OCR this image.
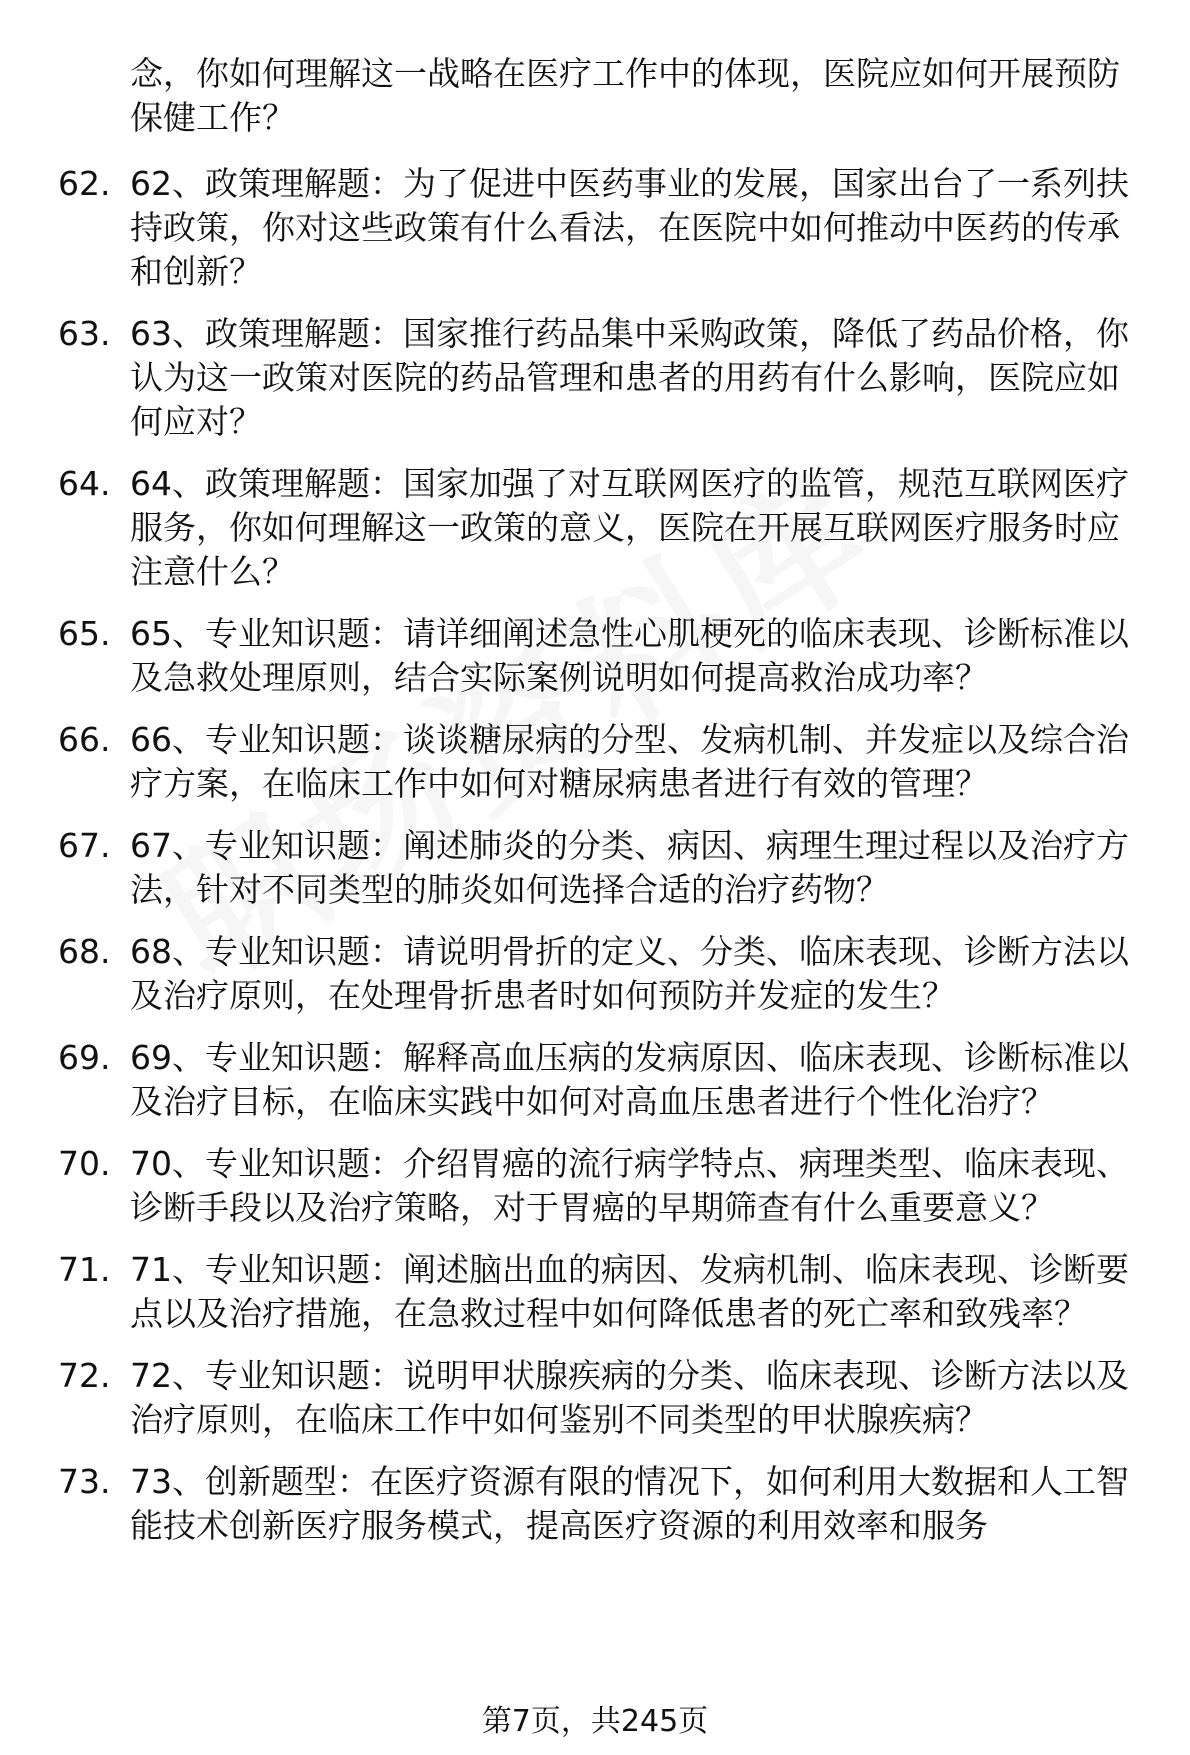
念，你如何理解这一战略在医疗工作中的体现，医院应如何开展预防保健工作？

62. 62、政策理解题：为了促进中医药事业的发展，国家出台了一系列扶持政策，你对这些政策有什么看法，在医院中如何推动中医药的传承和创新？
63. 63、政策理解题：国家推行药品集中采购政策，降低了药品价格，你认为这一政策对医院的药品管理和患者的用药有什么影响，医院应如何应对？
64. 64、政策理解题：国家加强了对互联网医疗的监管，规范互联网医疗服务，你如何理解这一政策的意义，医院在开展互联网医疗服务时应注意什么？
65. 65、专业知识题：请详细阐述急性心肌梗死的临床表现、诊断标准以及急救处理原则，结合实际案例说明如何提高救治成功率？
66. 66、专业知识题：谈谈糖尿病的分型、发病机制、并发症以及综合治疗方案，在临床工作中如何对糖尿病患者进行有效的管理？
67. 67、专业知识题：阐述肺炎的分类、病因、病理生理过程以及治疗方法，针对不同类型的肺炎如何选择合适的治疗药物？
68. 68、专业知识题：请说明骨折的定义、分类、临床表现、诊断方法以及治疗原则，在处理骨折患者时如何预防并发症的发生？
69. 69、专业知识题：解释高血压病的发病原因、临床表现、诊断标准以及治疗目标，在临床实践中如何对高血压患者进行个性化治疗？
70. 70、专业知识题：介绍胃癌的流行病学特点、病理类型、临床表现、诊断手段以及治疗策略，对于胃癌的早期筛查有什么重要意义？
71. 71、专业知识题：阐述脑出血的病因、发病机制、临床表现、诊断要点以及治疗措施，在急救过程中如何降低患者的死亡率和致残率？
72. 72、专业知识题：说明甲状腺疾病的分类、临床表现、诊断方法以及治疗原则，在临床工作中如何鉴别不同类型的甲状腺疾病？
73. 73、创新题型：在医疗资源有限的情况下，如何利用大数据和人工智能技术创新医疗服务模式，提高医疗资源的利用效率和服务
第7页，共245页
